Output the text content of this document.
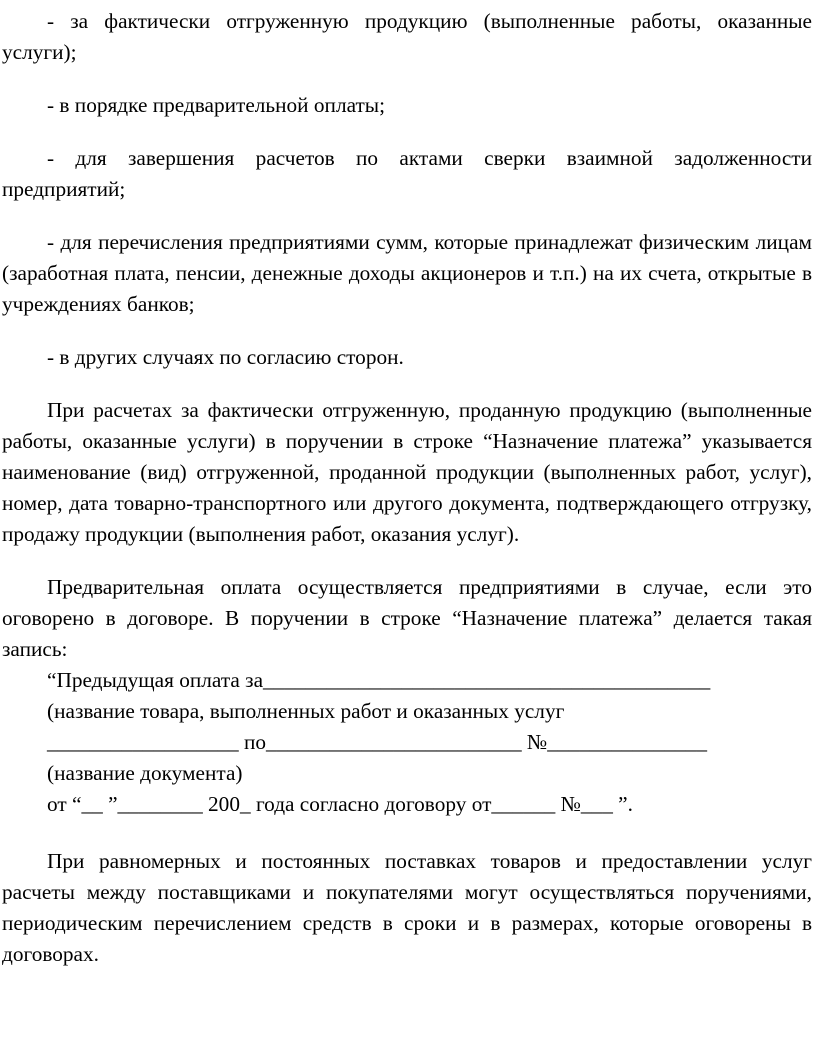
- за фактически отгруженную продукцию (выполненные работы, оказанные услуги);

- в порядке предварительной оплаты;

- для завершения расчетов по актами сверки взаимной задолженности предприятий;

- для перечисления предприятиями сумм, которые принадлежат физическим лицам (заработная плата, пенсии, денежные доходы акционеров и т.п.) на их счета, открытые в учреждениях банков;

- в других случаях по согласию сторон.

При расчетах за фактически отгруженную, проданную продукцию (выполненные работы, оказанные услуги) в поручении в строке “Назначение платежа” указывается наименование (вид) отгруженной, проданной продукции (выполненных работ, услуг), номер, дата товарно-транспортного или другого документа, подтверждающего отгрузку, продажу продукции (выполнения работ, оказания услуг).

Предварительная оплата осуществляется предприятиями в случае, если это оговорено в договоре. В поручении в строке “Назначение платежа” делается такая запись:

“Предыдущая оплата за__________________________________________

(название товара, выполненных работ и оказанных услуг

__________________ по________________________ №_______________

(название документа)

от “__ ”________ 200_ года согласно договору от______ №___ ”.

При равномерных и постоянных поставках товаров и предоставлении услуг расчеты между поставщиками и покупателями могут осуществляться поручениями, периодическим перечислением средств в сроки и в размерах, которые оговорены в договорах.
